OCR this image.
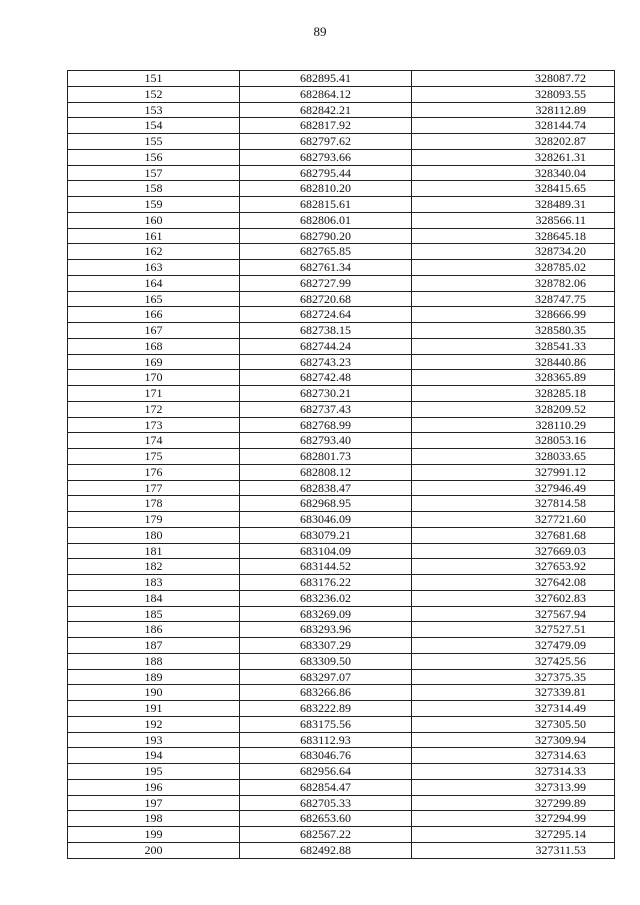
89
151	682895.41	328087.72
152	682864.12	328093.55
153	682842.21	328112.89
154	682817.92	328144.74
155	682797.62	328202.87
156	682793.66	328261.31
157	682795.44	328340.04
158	682810.20	328415.65
159	682815.61	328489.31
160	682806.01	328566.11
161	682790.20	328645.18
162	682765.85	328734.20
163	682761.34	328785.02
164	682727.99	328782.06
165	682720.68	328747.75
166	682724.64	328666.99
167	682738.15	328580.35
168	682744.24	328541.33
169	682743.23	328440.86
170	682742.48	328365.89
171	682730.21	328285.18
172	682737.43	328209.52
173	682768.99	328110.29
174	682793.40	328053.16
175	682801.73	328033.65
176	682808.12	327991.12
177	682838.47	327946.49
178	682968.95	327814.58
179	683046.09	327721.60
180	683079.21	327681.68
181	683104.09	327669.03
182	683144.52	327653.92
183	683176.22	327642.08
184	683236.02	327602.83
185	683269.09	327567.94
186	683293.96	327527.51
187	683307.29	327479.09
188	683309.50	327425.56
189	683297.07	327375.35
190	683266.86	327339.81
191	683222.89	327314.49
192	683175.56	327305.50
193	683112.93	327309.94
194	683046.76	327314.63
195	682956.64	327314.33
196	682854.47	327313.99
197	682705.33	327299.89
198	682653.60	327294.99
199	682567.22	327295.14
200	682492.88	327311.53
